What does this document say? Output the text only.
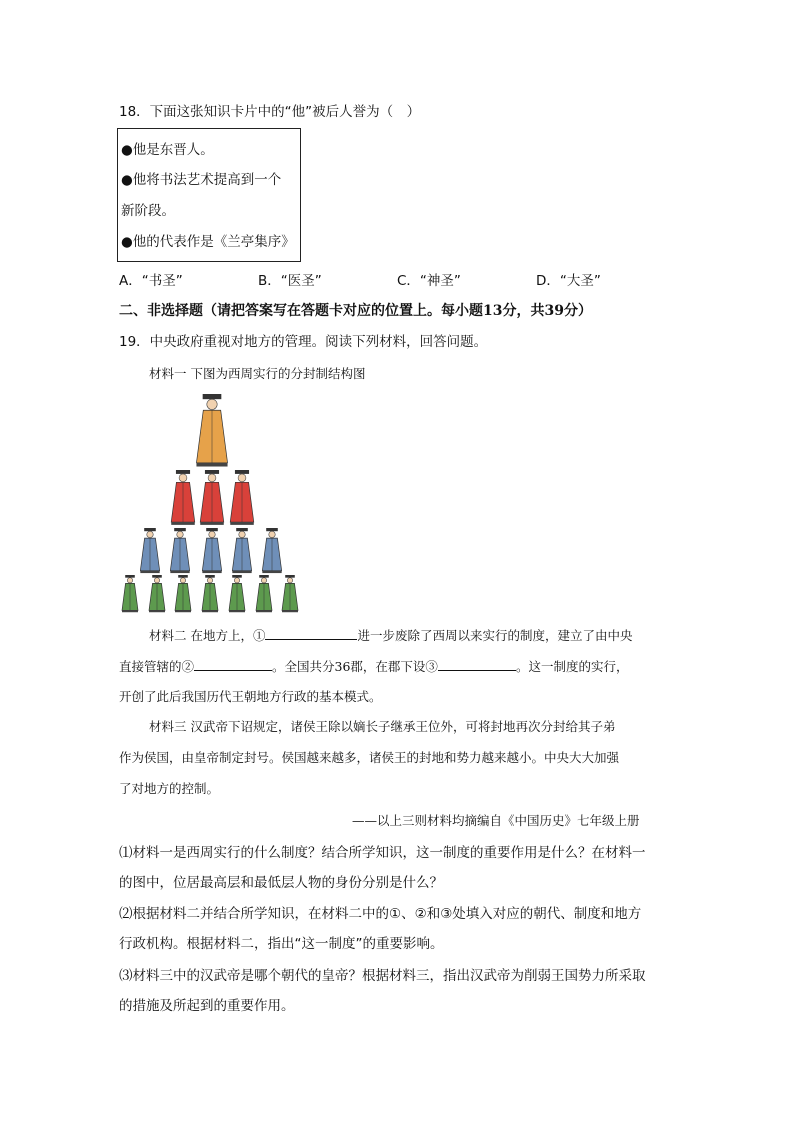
18．下面这张知识卡片中的“他”被后人誉为（　）
●他是东晋人。
●他将书法艺术提高到一个
新阶段。
●他的代表作是《兰亭集序》
A．“书圣”	B．“医圣”	C．“神圣”	D．“大圣”
二、非选择题（请把答案写在答题卡对应的位置上。每小题13分，共39分）
19．中央政府重视对地方的管理。阅读下列材料，回答问题。
材料一 下图为西周实行的分封制结构图
材料二 在地方上，①	进一步废除了西周以来实行的制度，建立了由中央
直接管辖的②	。全国共分36郡，在郡下设③	。这一制度的实行，
开创了此后我国历代王朝地方行政的基本模式。
材料三 汉武帝下诏规定，诸侯王除以嫡长子继承王位外，可将封地再次分封给其子弟
作为侯国，由皇帝制定封号。侯国越来越多，诸侯王的封地和势力越来越小。中央大大加强
了对地方的控制。
——以上三则材料均摘编自《中国历史》七年级上册
⑴材料一是西周实行的什么制度？结合所学知识，这一制度的重要作用是什么？在材料一
的图中，位居最高层和最低层人物的身份分别是什么？
⑵根据材料二并结合所学知识，在材料二中的①、②和③处填入对应的朝代、制度和地方
行政机构。根据材料二，指出“这一制度”的重要影响。
⑶材料三中的汉武帝是哪个朝代的皇帝？根据材料三，指出汉武帝为削弱王国势力所采取
的措施及所起到的重要作用。
